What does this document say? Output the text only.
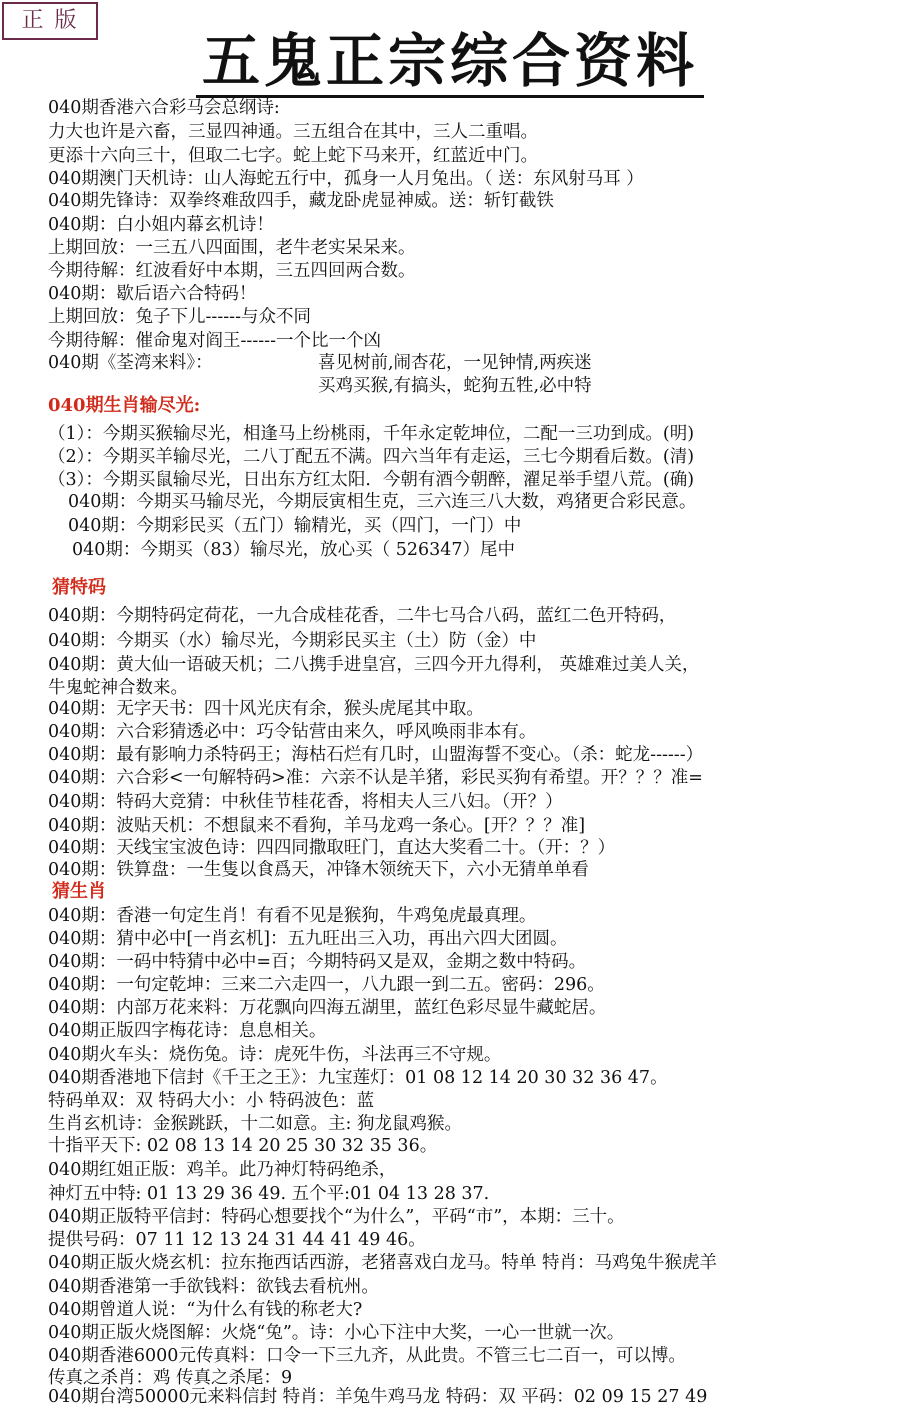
正 版
五鬼正宗综合资料
040期香港六合彩马会总纲诗:
力大也许是六畜，三显四神通。三五组合在其中，三人二重唱。
更添十六向三十，但取二七字。蛇上蛇下马来开，红蓝近中门。
040期澳门天机诗：山人海蛇五行中，孤身一人月兔出。（ 送：东风射马耳 ）
040期先锋诗：双拳终难敌四手，藏龙卧虎显神威。送：斩钉截铁
040期：白小姐内幕玄机诗！
上期回放：一三五八四面围，老牛老实呆呆来。
今期待解：红波看好中本期，三五四回两合数。
040期：歇后语六合特码！
上期回放：兔子下儿------与众不同
今期待解：催命鬼对阎王------一个比一个凶
040期《荃湾来料》：	喜见树前,闹杏花，一见钟情,两疾迷
买鸡买猴,有搞头，蛇狗五牲,必中特
040期生肖输尽光:
（1）：今期买猴输尽光，相逢马上纷桃雨，千年永定乾坤位，二配一三功到成。(明)
（2）：今期买羊输尽光，二八丁配五不满。四六当年有走运，三七今期看后数。(清)
（3）：今期买鼠输尽光，日出东方红太阳．今朝有酒今朝醉，濯足举手望八荒。(确)
040期：今期买马输尽光，今期辰寅相生克，三六连三八大数，鸡猪更合彩民意。
040期：今期彩民买（五门）输精光，买（四门，一门）中
040期：今期买（83）输尽光，放心买（ 526347）尾中
猜特码
040期：今期特码定荷花，一九合成桂花香，二牛七马合八码，蓝红二色开特码，
040期：今期买（水）输尽光，今期彩民买主（土）防（金）中
040期：黄大仙一语破天机；二八携手进皇宫，三四今开九得利， 英雄难过美人关，
牛鬼蛇神合数来。
040期：无字天书：四十风光庆有余，猴头虎尾其中取。
040期：六合彩猜透必中：巧令钻营由来久，呼风唤雨非本有。
040期：最有影响力杀特码王；海枯石烂有几时，山盟海誓不变心。（杀：蛇龙------）
040期：六合彩<一句解特码>准：六亲不认是羊猪，彩民买狗有希望。开？？？准=
040期：特码大竞猜：中秋佳节桂花香，将相夫人三八妇。（开？）
040期：波贴天机：不想鼠来不看狗，羊马龙鸡一条心。[开？？？准]
040期：天线宝宝波色诗：四四同撒取旺门，直达大奖看二十。（开：？）
040期：铁算盘：一生隻以食爲天，冲锋木领统天下，六小无猜单单看
猜生肖
040期：香港一句定生肖！有看不见是猴狗，牛鸡兔虎最真理。
040期：猜中必中[一肖玄机]：五九旺出三入功，再出六四大团圆。
040期：一码中特猜中必中=百；今期特码又是双，金期之数中特码。
040期：一句定乾坤：三来二六走四一，八九跟一到二五。密码：296。
040期：内部万花来料：万花飘向四海五湖里，蓝红色彩尽显牛藏蛇居。
040期正版四字梅花诗：息息相关。
040期火车头：烧伤兔。诗：虎死牛伤，斗法再三不守规。
040期香港地下信封《千王之王》：九宝莲灯：01 08 12 14 20 30 32 36 47。
特码单双：双 特码大小：小 特码波色：蓝
生肖玄机诗：金猴跳跃，十二如意。主: 狗龙鼠鸡猴。
十指平天下: 02 08 13 14 20 25 30 32 35 36。
040期红姐正版：鸡羊。此乃神灯特码绝杀，
神灯五中特: 01 13 29 36 49. 五个平:01 04 13 28 37.
040期正版特平信封：特码心想要找个“为什么”，平码“市”，本期：三十。
提供号码：07 11 12 13 24 31 44 41 49 46。
040期正版火烧玄机：拉东拖西话西游，老猪喜戏白龙马。特单 特肖：马鸡兔牛猴虎羊
040期香港第一手欲钱料：欲钱去看杭州。
040期曾道人说：“为什么有钱的称老大?
040期正版火烧图解：火烧“兔”。诗：小心下注中大奖，一心一世就一次。
040期香港6000元传真料：口令一下三九齐，从此贵。不管三七二百一，可以博。
传真之杀肖：鸡 传真之杀尾：9
040期台湾50000元来料信封 特肖：羊兔牛鸡马龙 特码：双 平码：02 09 15 27 49
